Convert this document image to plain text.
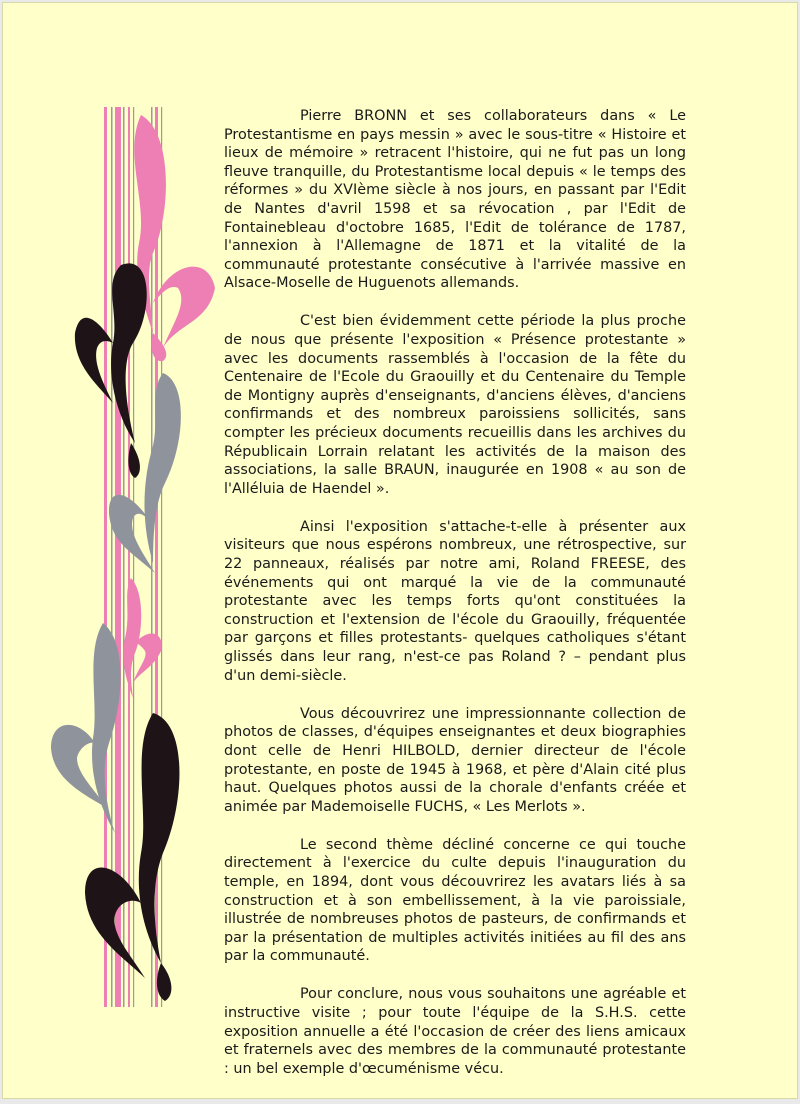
Pierre BRONN et ses collaborateurs dans « Le Protestantisme en pays messin » avec le sous-titre « Histoire et lieux de mémoire » retracent l'histoire, qui ne fut pas un long fleuve tranquille, du Protestantisme local depuis « le temps des réformes » du XVIème siècle à nos jours, en passant par l'Edit de Nantes d'avril 1598 et sa révocation , par l'Edit de Fontainebleau d'octobre 1685, l'Edit de tolérance de 1787, l'annexion à l'Allemagne de 1871 et la vitalité de la communauté protestante consécutive à l'arrivée massive en Alsace-Moselle de Huguenots allemands.

C'est bien évidemment cette période la plus proche de nous que présente l'exposition « Présence protestante » avec les documents rassemblés à l'occasion de la fête du Centenaire de l'Ecole du Graouilly et du Centenaire du Temple de Montigny auprès d'enseignants, d'anciens élèves, d'anciens confirmands et des nombreux paroissiens sollicités, sans compter les précieux documents recueillis dans les archives du Républicain Lorrain relatant les activités de la maison des associations, la salle BRAUN, inaugurée en 1908 « au son de l'Alléluia de Haendel ».

Ainsi l'exposition s'attache-t-elle à présenter aux visiteurs que nous espérons nombreux, une rétrospective, sur 22 panneaux, réalisés par notre ami, Roland FREESE, des événements qui ont marqué la vie de la communauté protestante avec les temps forts qu'ont constituées la construction et l'extension de l'école du Graouilly, fréquentée par garçons et filles protestants- quelques catholiques s'étant glissés dans leur rang, n'est-ce pas Roland ? – pendant plus d'un demi-siècle.

Vous découvrirez une impressionnante collection de photos de classes, d'équipes enseignantes et deux biographies dont celle de Henri HILBOLD, dernier directeur de l'école protestante, en poste de 1945 à 1968, et père d'Alain cité plus haut. Quelques photos aussi de la chorale d'enfants créée et animée par Mademoiselle FUCHS, « Les Merlots ».

Le second thème décliné concerne ce qui touche directement à l'exercice du culte depuis l'inauguration du temple, en 1894, dont vous découvrirez les avatars liés à sa construction et à son embellissement, à la vie paroissiale, illustrée de nombreuses photos de pasteurs, de confirmands et par la présentation de multiples activités initiées au fil des ans par la communauté.

Pour conclure, nous vous souhaitons une agréable et instructive visite ; pour toute l'équipe de la S.H.S. cette exposition annuelle a été l'occasion de créer des liens amicaux et fraternels avec des membres de la communauté protestante : un bel exemple d'œcuménisme vécu.
